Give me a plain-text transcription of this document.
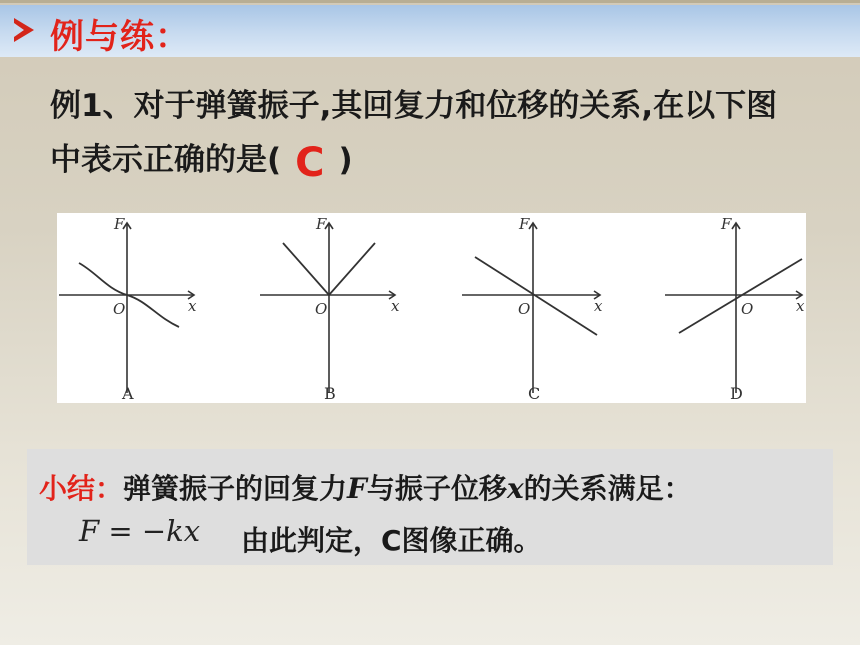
例与练：
例1、对于弹簧振子,其回复力和位移的关系,在以下图
中表示正确的是( C )
F
x
O
F
x
O
F
x
O
F
x
O
A	B	C	D
小结：弹簧振子的回复力F与振子位移x的关系满足：
F = −kx 由此判定，C图像正确。
